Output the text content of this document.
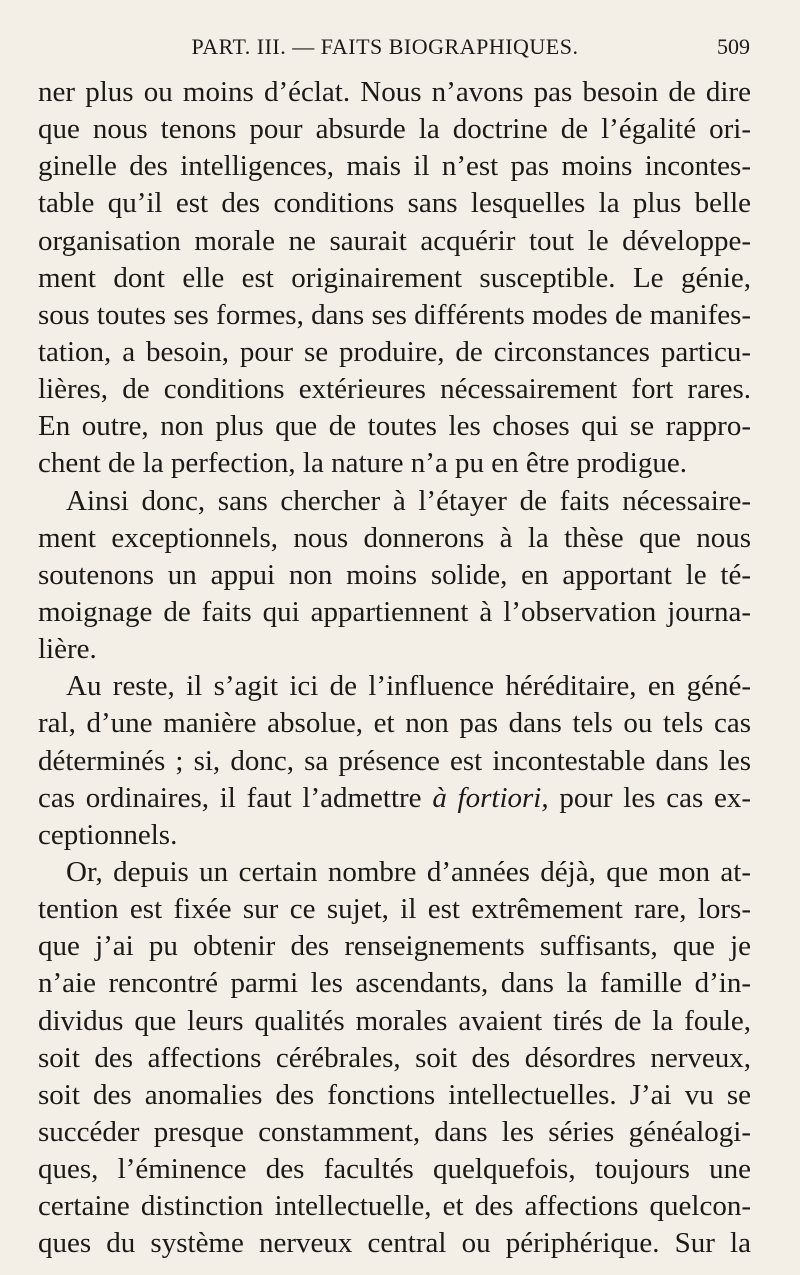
PART. III. — FAITS BIOGRAPHIQUES.	509
ner plus ou moins d’éclat. Nous n’avons pas besoin de dire
que nous tenons pour absurde la doctrine de l’égalité ori-
ginelle des intelligences, mais il n’est pas moins incontes-
table qu’il est des conditions sans lesquelles la plus belle
organisation morale ne saurait acquérir tout le développe-
ment dont elle est originairement susceptible. Le génie,
sous toutes ses formes, dans ses différents modes de manifes-
tation, a besoin, pour se produire, de circonstances particu-
lières, de conditions extérieures nécessairement fort rares.
En outre, non plus que de toutes les choses qui se rappro-
chent de la perfection, la nature n’a pu en être prodigue.
Ainsi donc, sans chercher à l’étayer de faits nécessaire-
ment exceptionnels, nous donnerons à la thèse que nous
soutenons un appui non moins solide, en apportant le té-
moignage de faits qui appartiennent à l’observation journa-
lière.
Au reste, il s’agit ici de l’influence héréditaire, en géné-
ral, d’une manière absolue, et non pas dans tels ou tels cas
déterminés ; si, donc, sa présence est incontestable dans les
cas ordinaires, il faut l’admettre à fortiori, pour les cas ex-
ceptionnels.
Or, depuis un certain nombre d’années déjà, que mon at-
tention est fixée sur ce sujet, il est extrêmement rare, lors-
que j’ai pu obtenir des renseignements suffisants, que je
n’aie rencontré parmi les ascendants, dans la famille d’in-
dividus que leurs qualités morales avaient tirés de la foule,
soit des affections cérébrales, soit des désordres nerveux,
soit des anomalies des fonctions intellectuelles. J’ai vu se
succéder presque constamment, dans les séries généalogi-
ques, l’éminence des facultés quelquefois, toujours une
certaine distinction intellectuelle, et des affections quelcon-
ques du système nerveux central ou périphérique. Sur la
